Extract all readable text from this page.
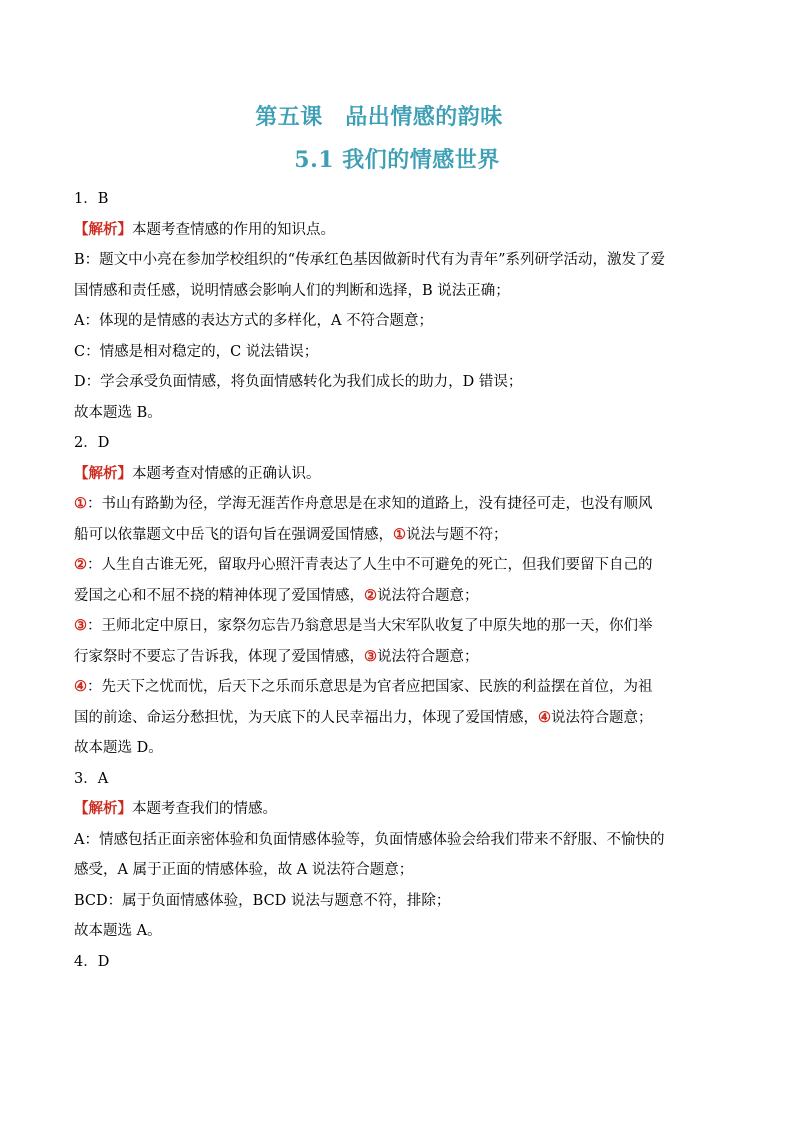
第五课　品出情感的韵味
5.1 我们的情感世界
1．B
【解析】本题考查情感的作用的知识点。
B：题文中小亮在参加学校组织的“传承红色基因做新时代有为青年”系列研学活动，激发了爱
国情感和责任感，说明情感会影响人们的判断和选择，B 说法正确；
A：体现的是情感的表达方式的多样化，A 不符合题意；
C：情感是相对稳定的，C 说法错误；
D：学会承受负面情感，将负面情感转化为我们成长的助力，D 错误；
故本题选 B。
2．D
【解析】本题考查对情感的正确认识。
①：书山有路勤为径，学海无涯苦作舟意思是在求知的道路上，没有捷径可走，也没有顺风
船可以依靠题文中岳飞的语句旨在强调爱国情感，①说法与题不符；
②：人生自古谁无死，留取丹心照汗青表达了人生中不可避免的死亡，但我们要留下自己的
爱国之心和不屈不挠的精神体现了爱国情感，②说法符合题意；
③：王师北定中原日，家祭勿忘告乃翁意思是当大宋军队收复了中原失地的那一天，你们举
行家祭时不要忘了告诉我，体现了爱国情感，③说法符合题意；
④：先天下之忧而忧，后天下之乐而乐意思是为官者应把国家、民族的利益摆在首位，为祖
国的前途、命运分愁担忧，为天底下的人民幸福出力，体现了爱国情感，④说法符合题意；
故本题选 D。
3．A
【解析】本题考查我们的情感。
A：情感包括正面亲密体验和负面情感体验等，负面情感体验会给我们带来不舒服、不愉快的
感受，A 属于正面的情感体验，故 A 说法符合题意；
BCD：属于负面情感体验，BCD 说法与题意不符，排除；
故本题选 A。
4．D
